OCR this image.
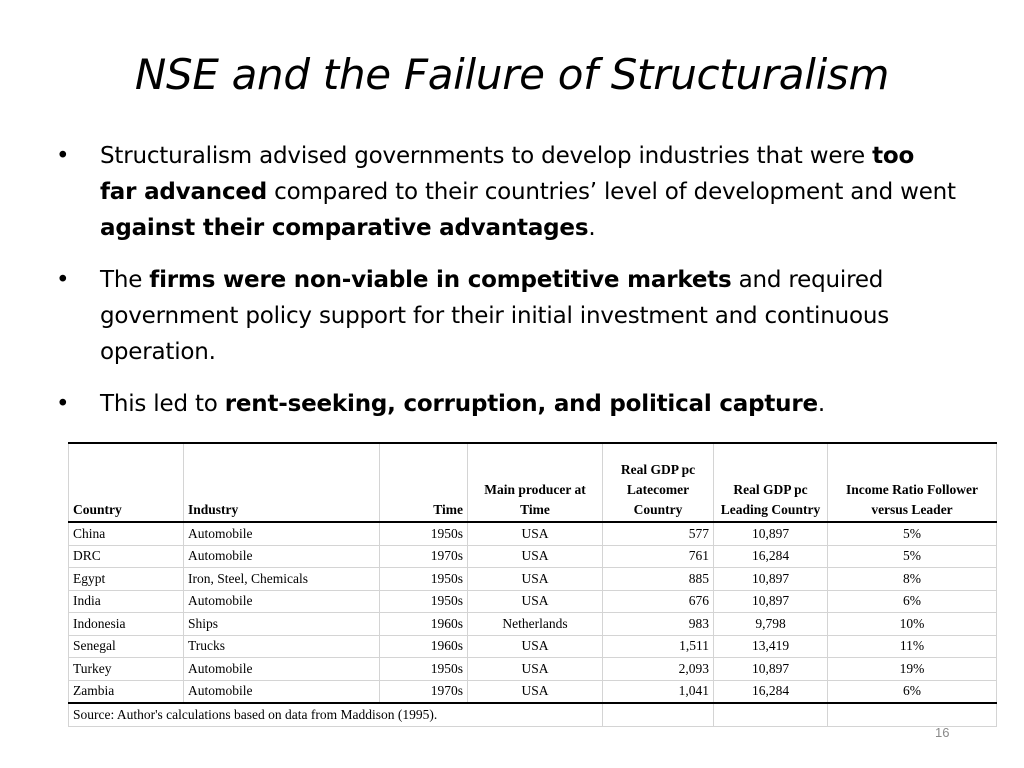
NSE and the Failure of Structuralism
• Structuralism advised governments to develop industries that were too far advanced compared to their countries’ level of development and went against their comparative advantages.
• The firms were non-viable in competitive markets and required government policy support for their initial investment and continuous operation.
• This led to rent-seeking, corruption, and political capture.
Country	Industry	Time	Main producer at Time	Real GDP pc Latecomer Country	Real GDP pc Leading Country	Income Ratio Follower versus Leader
China	Automobile	1950s	USA	577	10,897	5%
DRC	Automobile	1970s	USA	761	16,284	5%
Egypt	Iron, Steel, Chemicals	1950s	USA	885	10,897	8%
India	Automobile	1950s	USA	676	10,897	6%
Indonesia	Ships	1960s	Netherlands	983	9,798	10%
Senegal	Trucks	1960s	USA	1,511	13,419	11%
Turkey	Automobile	1950s	USA	2,093	10,897	19%
Zambia	Automobile	1970s	USA	1,041	16,284	6%
Source: Author's calculations based on data from Maddison (1995).						
16
